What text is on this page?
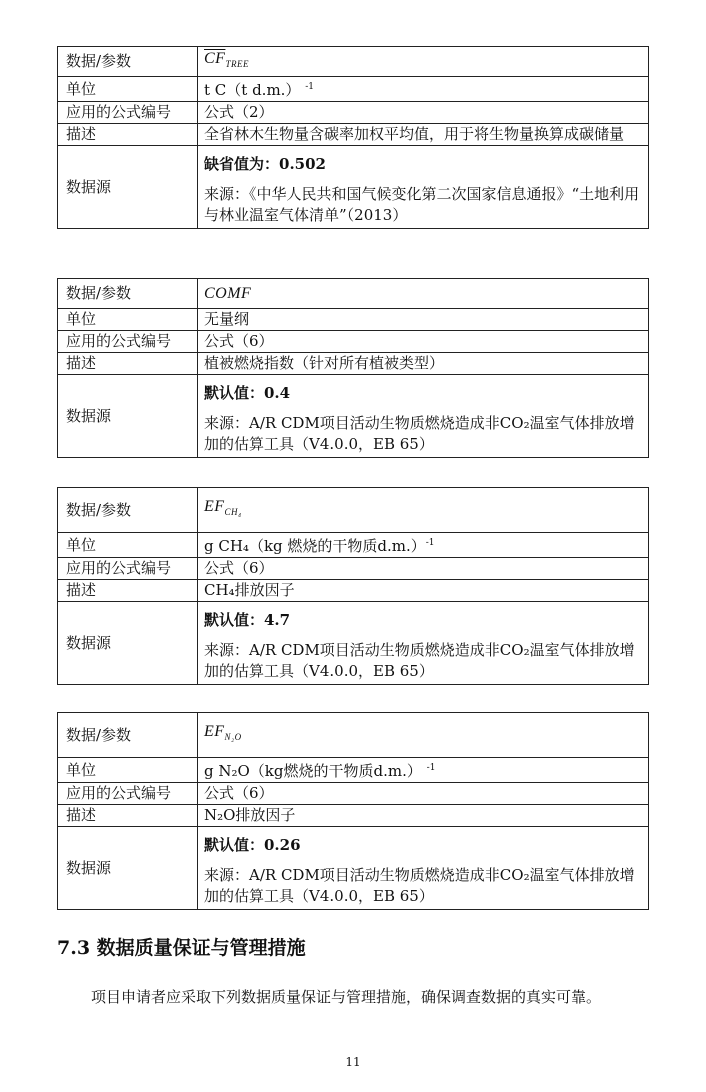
数据/参数	$\overline{CF}_{TREE}$
单位	t C（t d.m.） $^{-1}$
应用的公式编号	公式（2）
描述	全省林木生物量含碳率加权平均值，用于将生物量换算成碳储量
数据源	缺省值为：0.502
来源：《中华人民共和国气候变化第二次国家信息通报》“土地利用与林业温室气体清单”（2013）
数据/参数	COMF
单位	无量纲
应用的公式编号	公式（6）
描述	植被燃烧指数（针对所有植被类型）
数据源	默认值：0.4
来源：A/R CDM项目活动生物质燃烧造成非CO₂温室气体排放增加的估算工具（V4.0.0，EB 65）
数据/参数	$EF_{CH_4}$
单位	g CH₄（kg 燃烧的干物质d.m.）$^{-1}$
应用的公式编号	公式（6）
描述	CH₄排放因子
数据源	默认值：4.7
来源：A/R CDM项目活动生物质燃烧造成非CO₂温室气体排放增加的估算工具（V4.0.0，EB 65）
数据/参数	$EF_{N_2O}$
单位	g N₂O（kg燃烧的干物质d.m.） $^{-1}$
应用的公式编号	公式（6）
描述	N₂O排放因子
数据源	默认值：0.26
来源：A/R CDM项目活动生物质燃烧造成非CO₂温室气体排放增加的估算工具（V4.0.0，EB 65）
7.3 数据质量保证与管理措施

项目申请者应采取下列数据质量保证与管理措施，确保调查数据的真实可靠。

11
